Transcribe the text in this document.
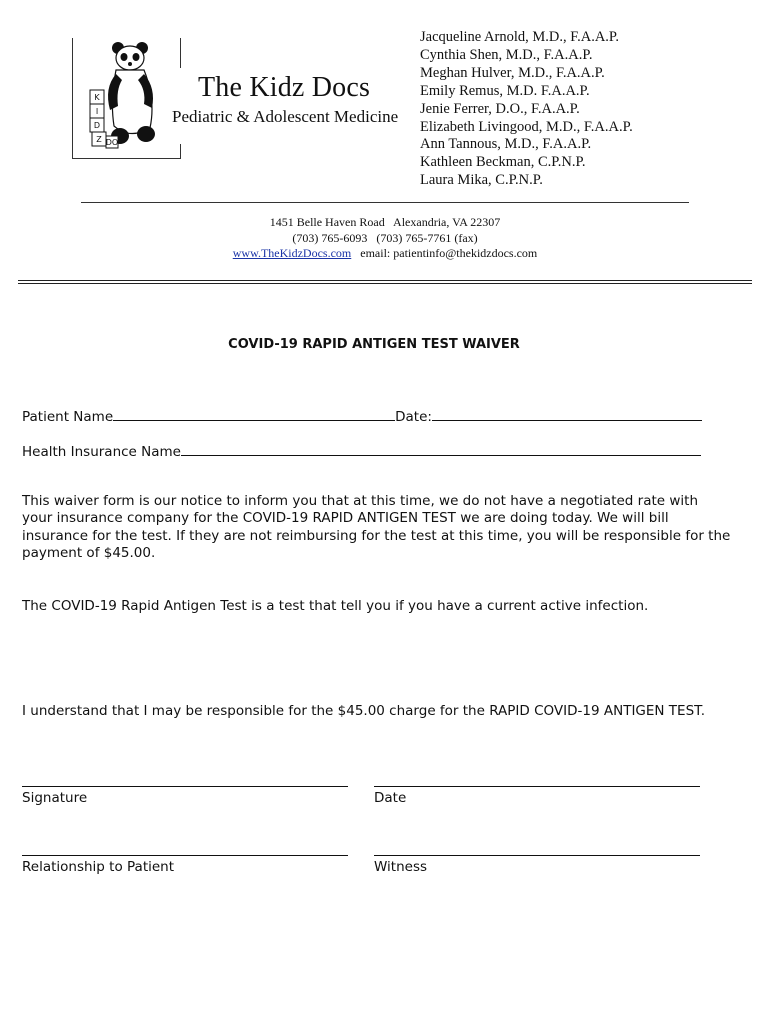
K
I
D
Z DO
The Kidz Docs
Pediatric & Adolescent Medicine
Jacqueline Arnold, M.D., F.A.A.P.
Cynthia Shen, M.D., F.A.A.P.
Meghan Hulver, M.D., F.A.A.P.
Emily Remus, M.D. F.A.A.P.
Jenie Ferrer, D.O., F.A.A.P.
Elizabeth Livingood, M.D., F.A.A.P.
Ann Tannous, M.D., F.A.A.P.
Kathleen Beckman, C.P.N.P.
Laura Mika, C.P.N.P.
1451 Belle Haven Road   Alexandria, VA 22307
(703) 765-6093   (703) 765-7761 (fax)
www.TheKidzDocs.com email: patientinfo@thekidzdocs.com
COVID-19 RAPID ANTIGEN TEST WAIVER
Patient Name	Date:
Health Insurance Name

This waiver form is our notice to inform you that at this time, we do not have a negotiated rate with your insurance company for the COVID-19 RAPID ANTIGEN TEST we are doing today. We will bill insurance for the test. If they are not reimbursing for the test at this time, you will be responsible for the payment of $45.00.

The COVID-19 Rapid Antigen Test is a test that tell you if you have a current active infection.

I understand that I may be responsible for the $45.00 charge for the RAPID COVID-19 ANTIGEN TEST.

Signature	Date
Relationship to Patient	Witness
